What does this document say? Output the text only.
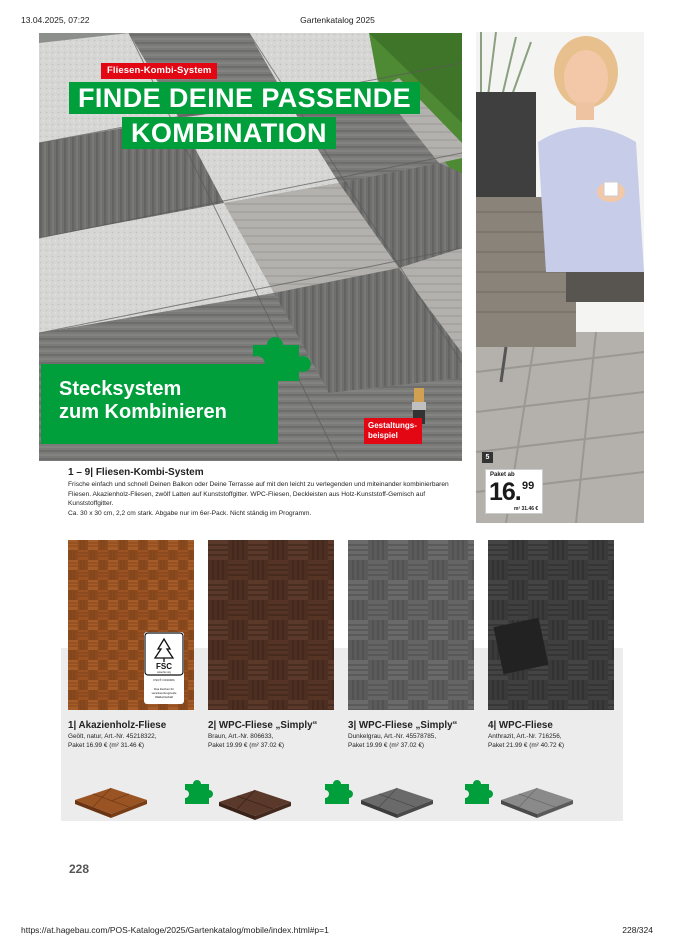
13.04.2025, 07:22	Gartenkatalog 2025
Fliesen-Kombi-System
FINDE DEINE PASSENDE
KOMBINATION
Stecksystem
zum Kombinieren
Gestaltungs-
beispiel
5
Paket ab
16. 99
m² 31.46 €
1 – 9| Fliesen-Kombi-System
Frische einfach und schnell Deinen Balkon oder Deine Terrasse auf mit den leicht zu verlegenden und miteinander kombinierbaren
Fliesen. Akazienholz-Fliesen, zwölf Latten auf Kunststoffgitter. WPC-Fliesen, Deckleisten aus Holz-Kunststoff-Gemisch auf Kunststoffgitter.
Ca. 30 x 30 cm, 2,2 cm stark. Abgabe nur im 6er-Pack. Nicht ständig im Programm.
FSC
www.fsc.org
FSC® C044304
Das Zeichen für
verantwortungsvolle
Waldwirtschaft
1| Akazienholz-Fliese
Geölt, natur, Art.-Nr. 45218322,
Paket 16.99 € (m² 31.46 €)
2| WPC-Fliese „Simply“
Braun, Art.-Nr. 806633,
Paket 19.99 € (m² 37.02 €)
3| WPC-Fliese „Simply“
Dunkelgrau, Art.-Nr. 45578785,
Paket 19.99 € (m² 37.02 €)
4| WPC-Fliese
Anthrazit, Art.-Nr. 716256,
Paket 21.99 € (m² 40.72 €)
228
https://at.hagebau.com/POS-Kataloge/2025/Gartenkatalog/mobile/index.html#p=1	228/324
